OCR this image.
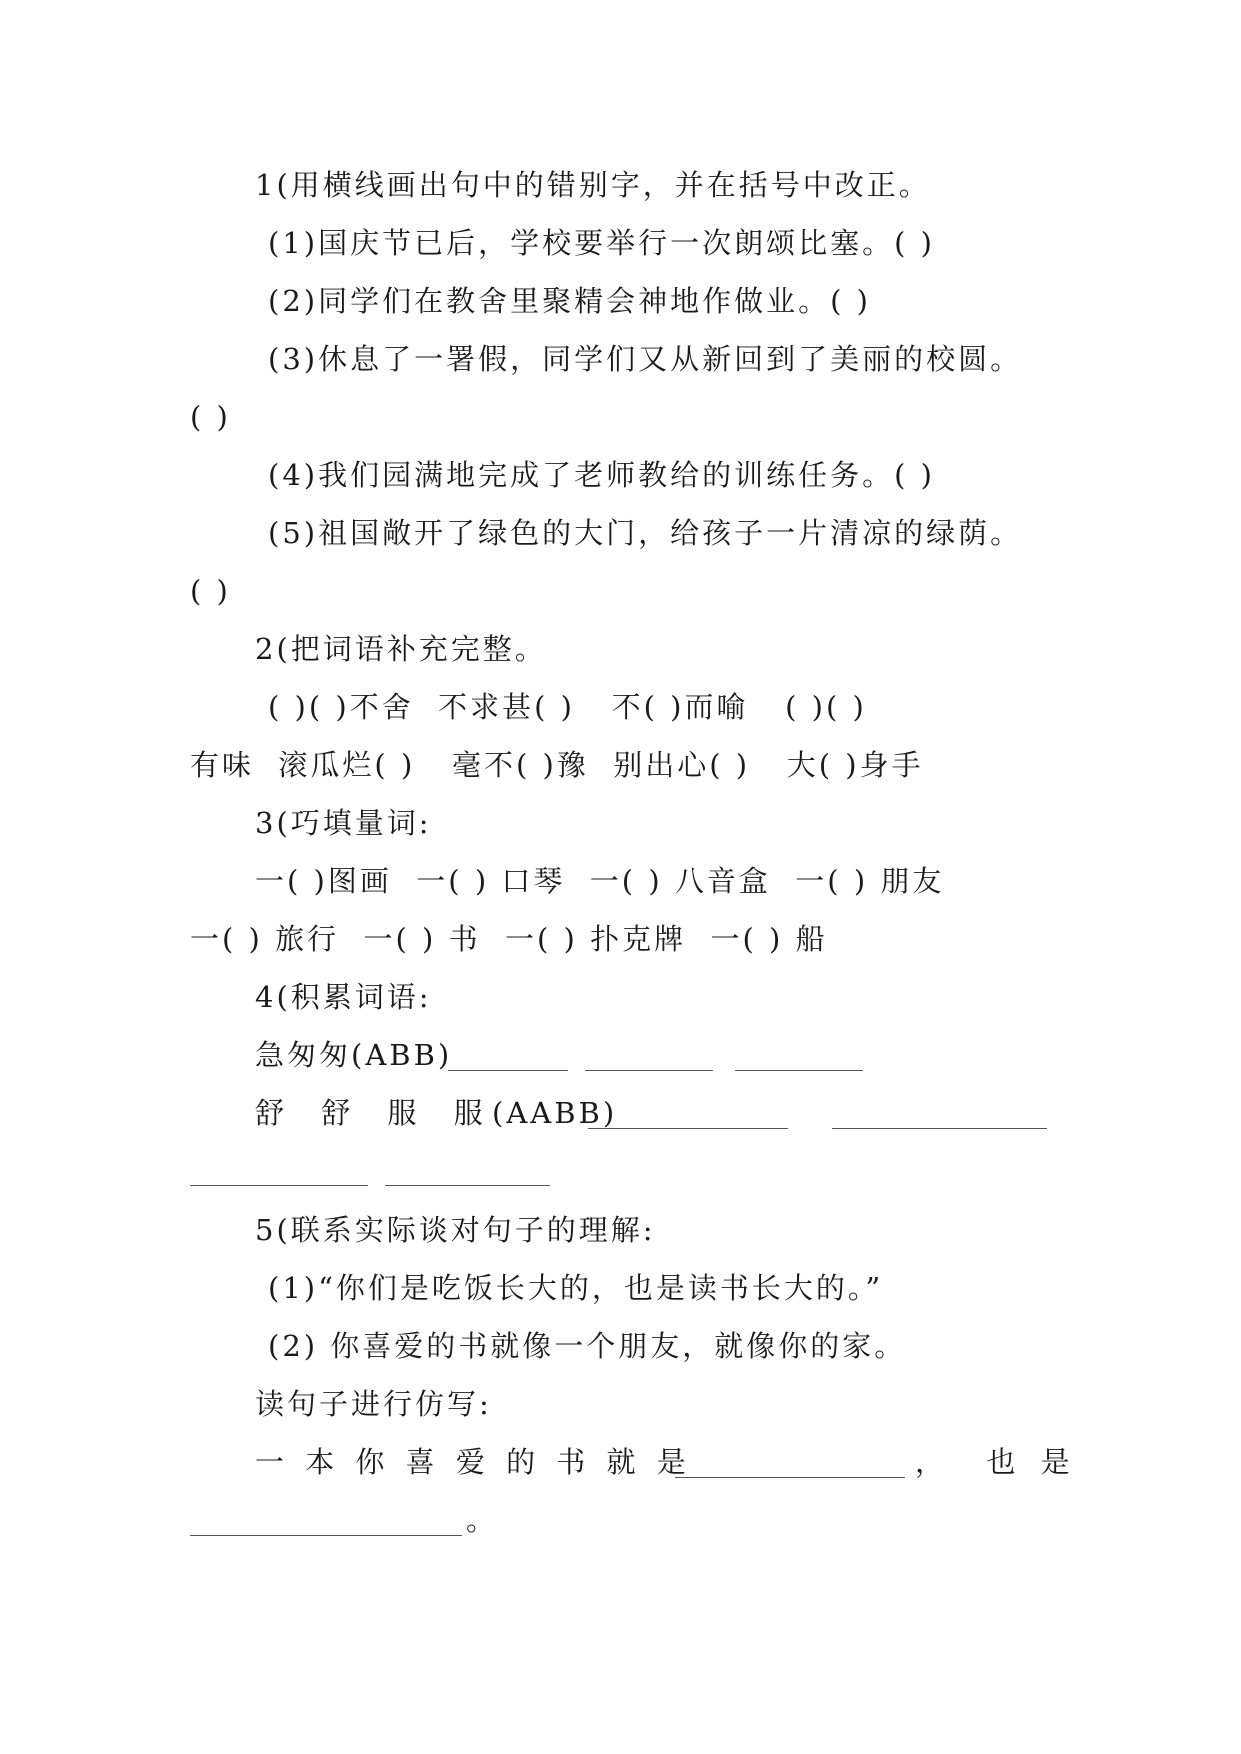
1(用横线画出句中的错别字，并在括号中改正。
(1)国庆节已后，学校要举行一次朗颂比塞。( )
(2)同学们在教舍里聚精会神地作做业。( )
(3)休息了一署假，同学们又从新回到了美丽的校圆。
( )
(4)我们园满地完成了老师教给的训练任务。( )
(5)祖国敞开了绿色的大门，给孩子一片清凉的绿荫。
( )
2(把词语补充完整。
( )( )不舍  不求甚( )   不( )而喻   ( )( )
有味  滚瓜烂( )   毫不( )豫  别出心( )   大( )身手
3(巧填量词:
一( )图画  一( ) 口琴  一( ) 八音盒  一( ) 朋友
一( ) 旅行  一( ) 书  一( ) 扑克牌  一( ) 船
4(积累词语:
急匆匆(ABB)
舒 舒 服 服
(AABB)
5(联系实际谈对句子的理解:
(1)“你们是吃饭长大的，也是读书长大的。”
(2) 你喜爱的书就像一个朋友，就像你的家。
读句子进行仿写:
一 本 你 喜 爱 的 书 就 是	，  也 是
。
